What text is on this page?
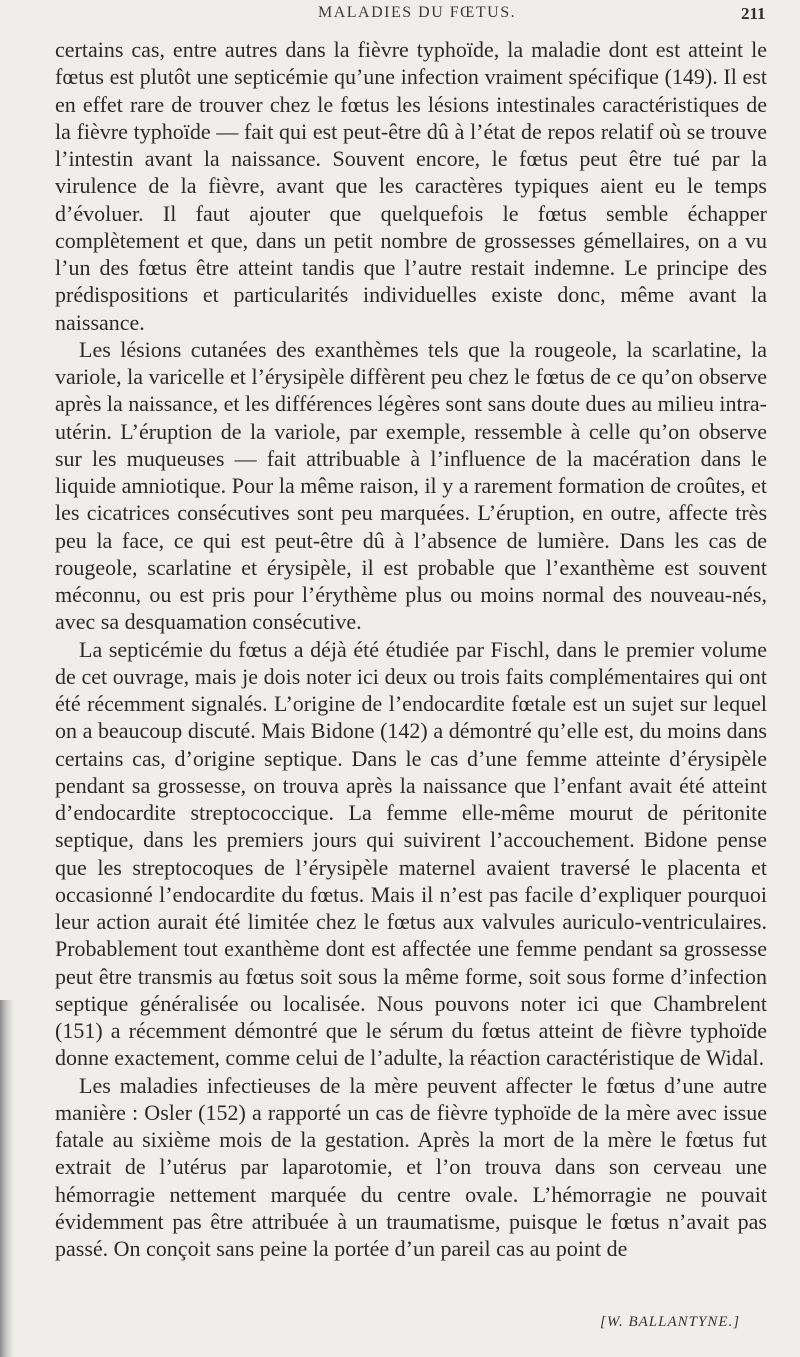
MALADIES DU FŒTUS.	211

certains cas, entre autres dans la fièvre typhoïde, la maladie dont est atteint le fœtus est plutôt une septicémie qu’une infection vraiment spécifique (149). Il est en effet rare de trouver chez le fœtus les lésions intestinales caractéristiques de la fièvre typhoïde — fait qui est peut-être dû à l’état de repos relatif où se trouve l’intestin avant la naissance. Souvent encore, le fœtus peut être tué par la virulence de la fièvre, avant que les caractères typiques aient eu le temps d’évoluer. Il faut ajouter que quelquefois le fœtus semble échapper complètement et que, dans un petit nombre de grossesses gémellaires, on a vu l’un des fœtus être atteint tandis que l’autre restait indemne. Le principe des prédispositions et particularités individuelles existe donc, même avant la naissance.

Les lésions cutanées des exanthèmes tels que la rougeole, la scarlatine, la variole, la varicelle et l’érysipèle diffèrent peu chez le fœtus de ce qu’on observe après la naissance, et les différences légères sont sans doute dues au milieu intra-utérin. L’éruption de la variole, par exemple, ressemble à celle qu’on observe sur les muqueuses — fait attribuable à l’influence de la macération dans le liquide amniotique. Pour la même raison, il y a rarement formation de croûtes, et les cicatrices consécutives sont peu marquées. L’éruption, en outre, affecte très peu la face, ce qui est peut-être dû à l’absence de lumière. Dans les cas de rougeole, scarlatine et érysipèle, il est probable que l’exanthème est souvent méconnu, ou est pris pour l’érythème plus ou moins normal des nouveau-nés, avec sa desquamation consécutive.

La septicémie du fœtus a déjà été étudiée par Fischl, dans le premier volume de cet ouvrage, mais je dois noter ici deux ou trois faits complémentaires qui ont été récemment signalés. L’origine de l’endocardite fœtale est un sujet sur lequel on a beaucoup discuté. Mais Bidone (142) a démontré qu’elle est, du moins dans certains cas, d’origine septique. Dans le cas d’une femme atteinte d’érysipèle pendant sa grossesse, on trouva après la naissance que l’enfant avait été atteint d’endocardite streptococcique. La femme elle-même mourut de péritonite septique, dans les premiers jours qui suivirent l’accouchement. Bidone pense que les streptocoques de l’érysipèle maternel avaient traversé le placenta et occasionné l’endocardite du fœtus. Mais il n’est pas facile d’expliquer pourquoi leur action aurait été limitée chez le fœtus aux valvules auriculo-ventriculaires. Probablement tout exanthème dont est affectée une femme pendant sa grossesse peut être transmis au fœtus soit sous la même forme, soit sous forme d’infection septique généralisée ou localisée. Nous pouvons noter ici que Chambrelent (151) a récemment démontré que le sérum du fœtus atteint de fièvre typhoïde donne exactement, comme celui de l’adulte, la réaction caractéristique de Widal.

Les maladies infectieuses de la mère peuvent affecter le fœtus d’une autre manière : Osler (152) a rapporté un cas de fièvre typhoïde de la mère avec issue fatale au sixième mois de la gestation. Après la mort de la mère le fœtus fut extrait de l’utérus par laparotomie, et l’on trouva dans son cerveau une hémorragie nettement marquée du centre ovale. L’hémorragie ne pouvait évidemment pas être attribuée à un traumatisme, puisque le fœtus n’avait pas passé. On conçoit sans peine la portée d’un pareil cas au point de

[W. BALLANTYNE.]
